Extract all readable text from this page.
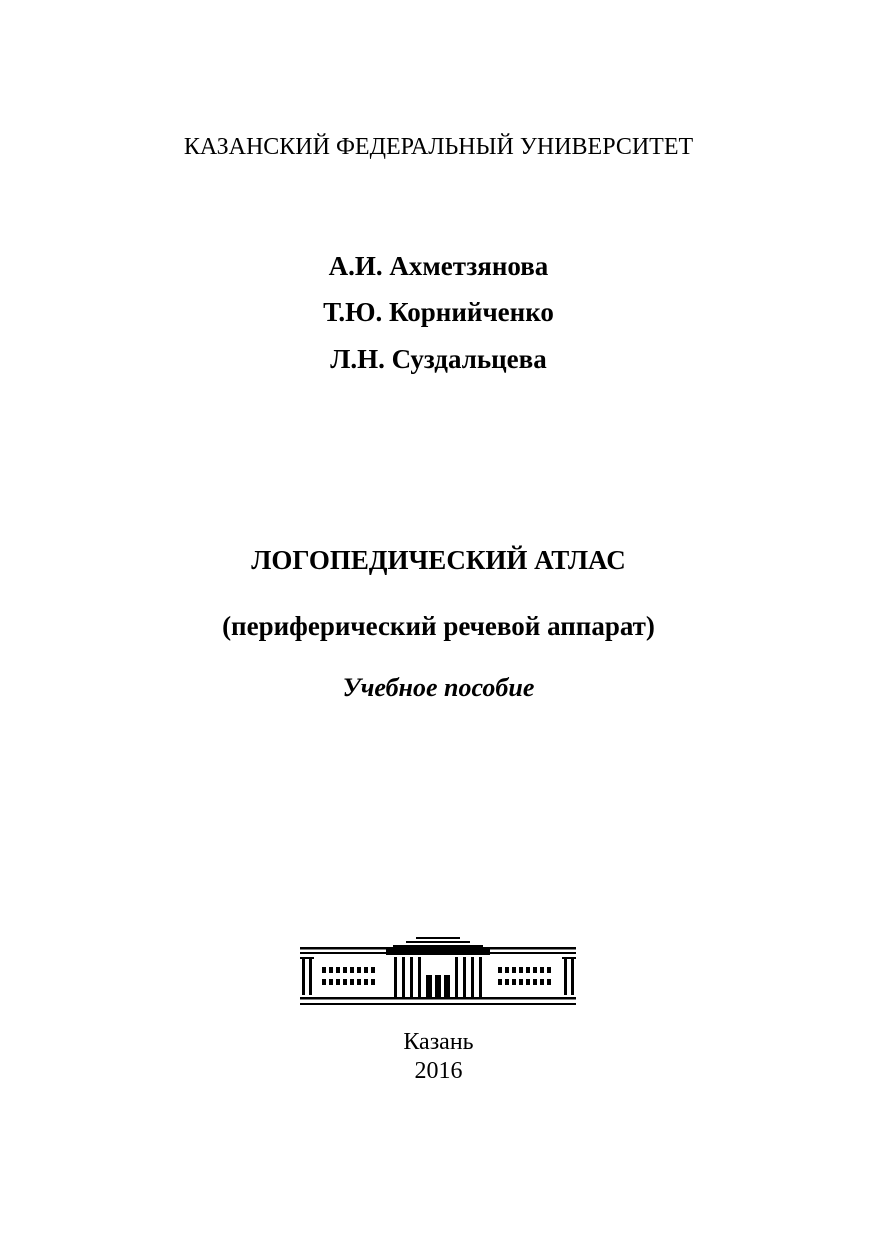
КАЗАНСКИЙ ФЕДЕРАЛЬНЫЙ УНИВЕРСИТЕТ
А.И. Ахметзянова
Т.Ю. Корнийченко
Л.Н. Суздальцева
ЛОГОПЕДИЧЕСКИЙ АТЛАС
(периферический речевой аппарат)
Учебное пособие
Казань
2016
